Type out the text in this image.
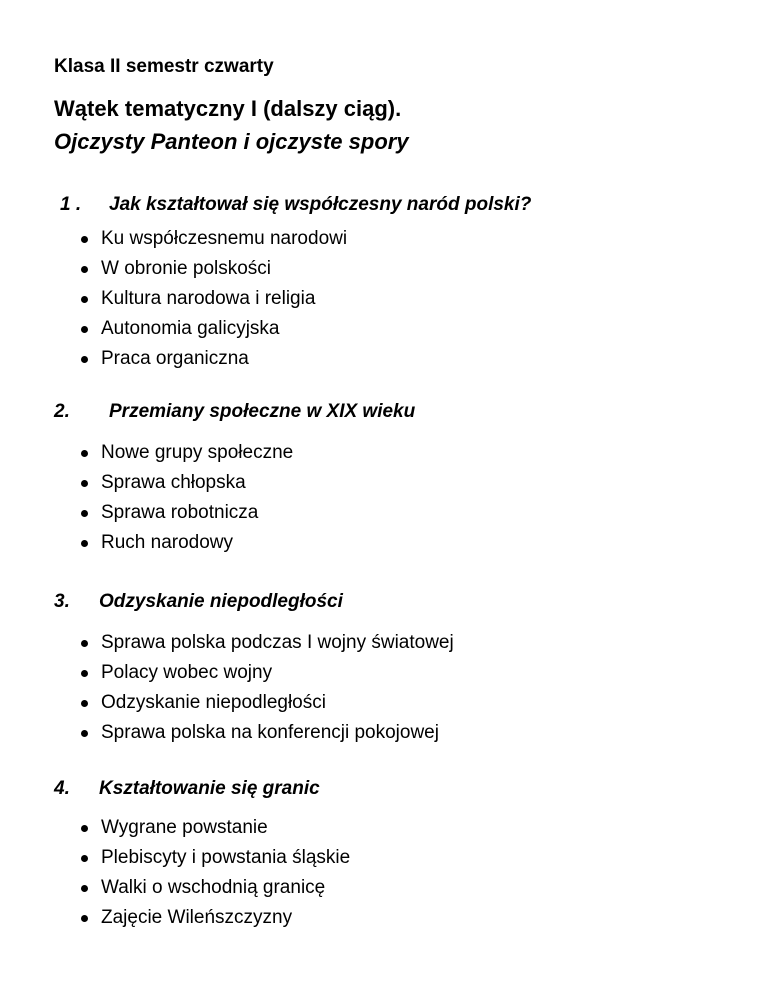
Klasa II semestr czwarty
Wątek tematyczny I (dalszy ciąg).
Ojczysty Panteon i ojczyste spory
1 . Jak kształtował się współczesny naród polski?
Ku współczesnemu narodowi
W obronie polskości
Kultura narodowa i religia
Autonomia galicyjska
Praca organiczna
2. Przemiany społeczne w XIX wieku
Nowe grupy społeczne
Sprawa chłopska
Sprawa robotnicza
Ruch narodowy
3. Odzyskanie niepodległości
Sprawa polska podczas I wojny światowej
Polacy wobec wojny
Odzyskanie niepodległości
Sprawa polska na konferencji pokojowej
4. Kształtowanie się granic
Wygrane powstanie
Plebiscyty i powstania śląskie
Walki o wschodnią granicę
Zajęcie Wileńszczyzny
